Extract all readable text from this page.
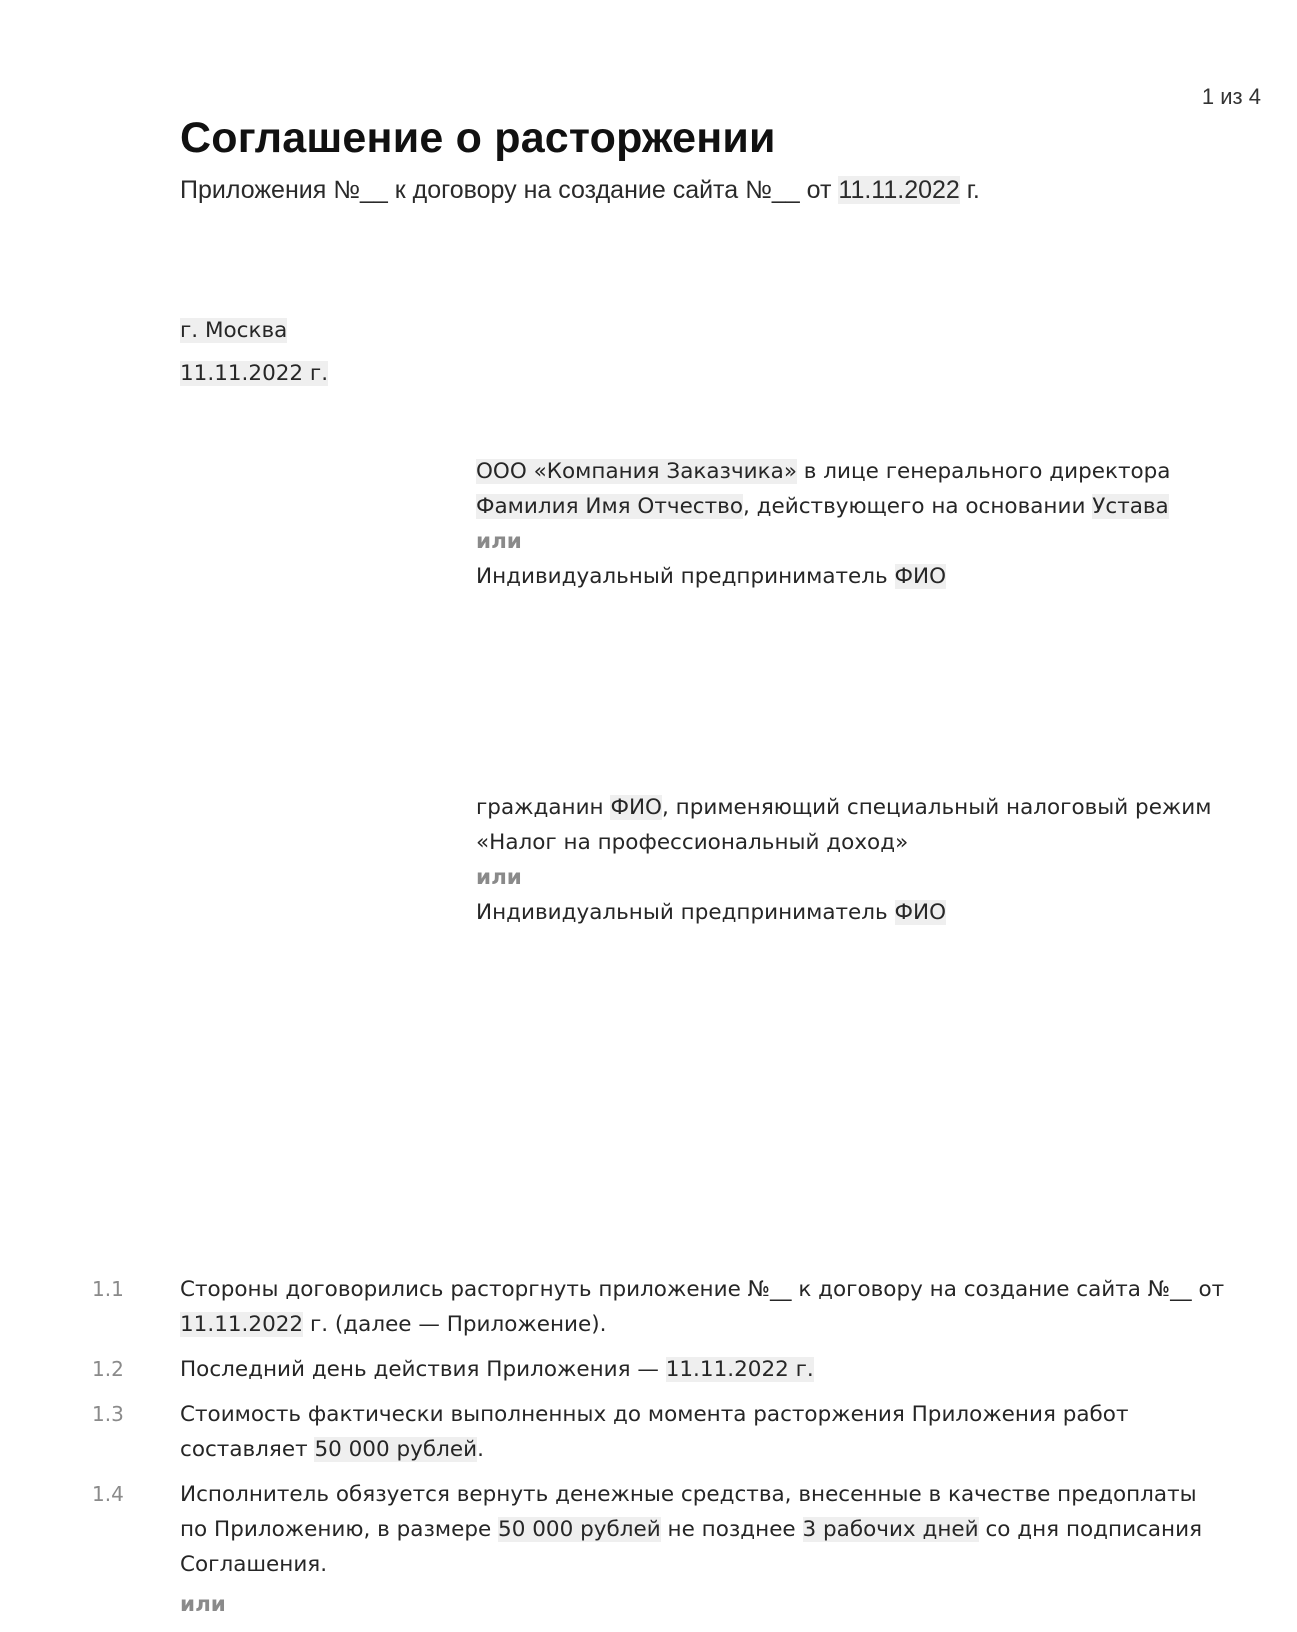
1 из 4
Соглашение о расторжении
Приложения №__ к договору на создание сайта №__ от 11.11.2022 г.
г. Москва
11.11.2022 г.
ООО «Компания Заказчика» в лице генерального директора Фамилия Имя Отчество, действующего на основании Устава
или
Индивидуальный предприниматель ФИО
гражданин ФИО, применяющий специальный налоговый режим «Налог на профессиональный доход»
или
Индивидуальный предприниматель ФИО
1.1	Стороны договорились расторгнуть приложение №__ к договору на создание сайта №__ от 11.11.2022 г. (далее — Приложение).
1.2	Последний день действия Приложения — 11.11.2022 г.
1.3	Стоимость фактически выполненных до момента расторжения Приложения работ составляет 50 000 рублей.
1.4	Исполнитель обязуется вернуть денежные средства, внесенные в качестве предоплаты по Приложению, в размере 50 000 рублей не позднее 3 рабочих дней со дня подписания Соглашения.
или
